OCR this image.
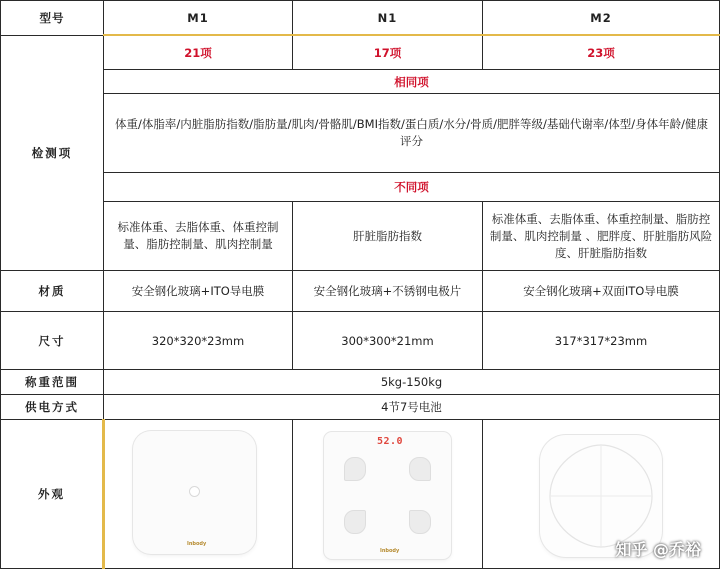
型号	M1	N1	M2
检测项	21项	17项	23项
	相同项		
	体重/体脂率/内脏脂肪指数/脂肪量/肌肉/骨骼肌/BMI指数/蛋白质/水分/骨质/肥胖等级/基础代谢率/体型/身体年龄/健康评分		
	不同项		
	标准体重、去脂体重、体重控制量、脂肪控制量、肌肉控制量	肝脏脂肪指数	标准体重、去脂体重、体重控制量、脂肪控制量、肌肉控制量 、肥胖度、肝脏脂肪风险度、肝脏脂肪指数
材质	安全钢化玻璃+ITO导电膜	安全钢化玻璃+不锈钢电极片	安全钢化玻璃+双面ITO导电膜
尺寸	320*320*23mm	300*300*21mm	317*317*23mm
称重范围	5kg-150kg		
供电方式	4节7号电池		
外观	Inbody	52.0
Inbody	知乎 @乔裕
